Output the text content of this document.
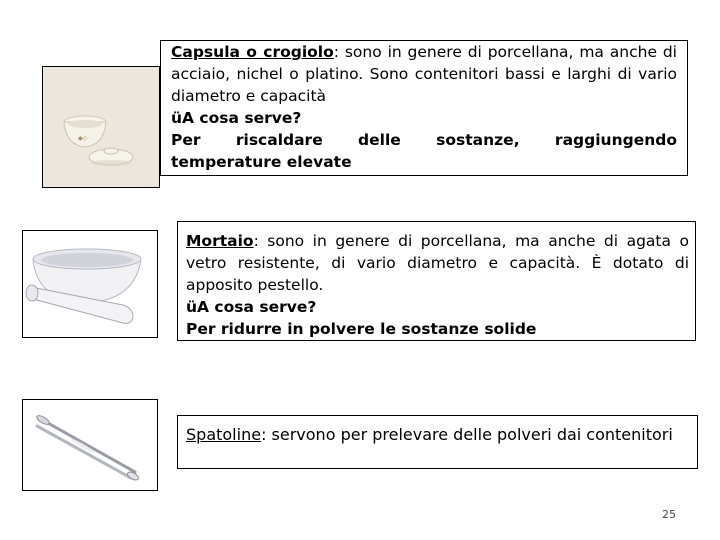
◆◇
Capsula o crogiolo: sono in genere di porcellana, ma anche di acciaio, nichel o platino. Sono contenitori bassi e larghi di vario diametro e capacità
üA cosa serve?
Per riscaldare delle sostanze, raggiungendo
temperature elevate
Mortaio: sono in genere di porcellana, ma anche di agata o vetro resistente, di vario diametro e capacità. È dotato di apposito pestello.
üA cosa serve?
Per ridurre in polvere le sostanze solide
Spatoline: servono per prelevare delle polveri dai contenitori
25
